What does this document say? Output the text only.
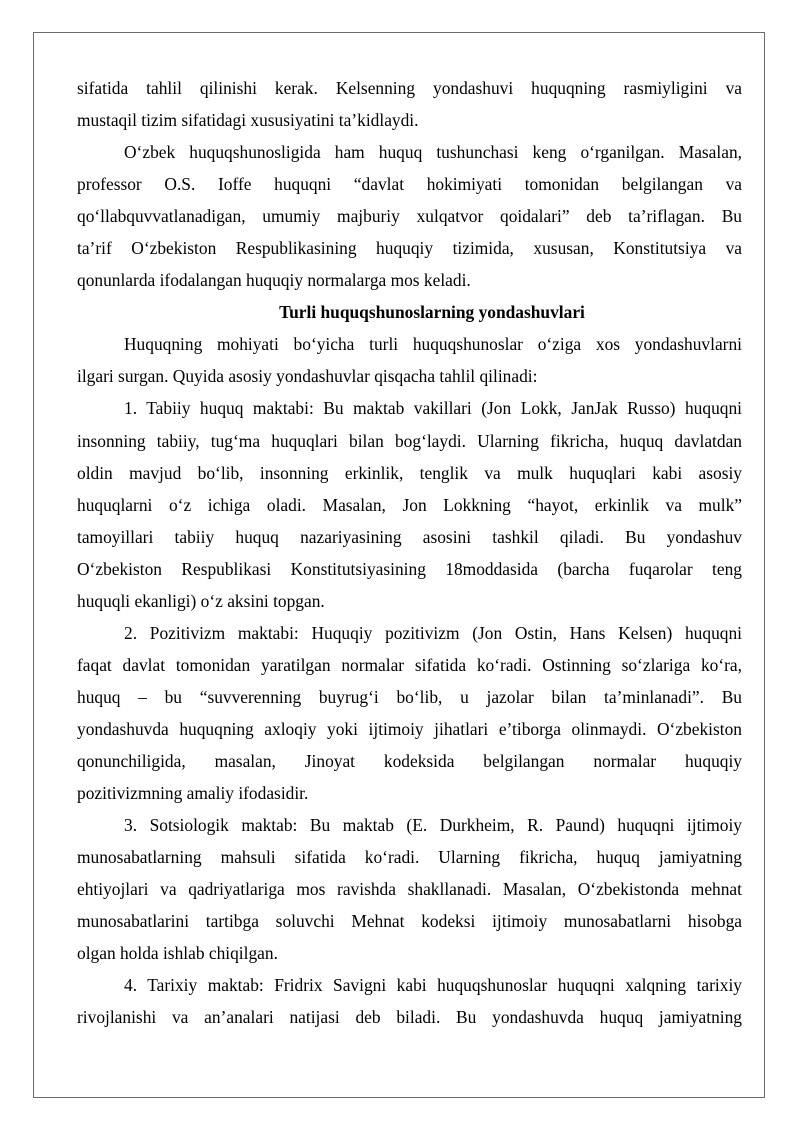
sifatida tahlil qilinishi kerak. Kelsenning yondashuvi huquqning rasmiyligini va

mustaqil tizim sifatidagi xususiyatini ta’kidlaydi.

O‘zbek huquqshunosligida ham huquq tushunchasi keng o‘rganilgan. Masalan,

professor O.S. Ioffe huquqni “davlat hokimiyati tomonidan belgilangan va

qo‘llabquvvatlanadigan, umumiy majburiy xulqatvor qoidalari” deb ta’riflagan. Bu

ta’rif O‘zbekiston Respublikasining huquqiy tizimida, xususan, Konstitutsiya va

qonunlarda ifodalangan huquqiy normalarga mos keladi.

Turli huquqshunoslarning yondashuvlari

Huquqning mohiyati bo‘yicha turli huquqshunoslar o‘ziga xos yondashuvlarni

ilgari surgan. Quyida asosiy yondashuvlar qisqacha tahlil qilinadi:

1. Tabiiy huquq maktabi: Bu maktab vakillari (Jon Lokk, JanJak Russo) huquqni

insonning tabiiy, tug‘ma huquqlari bilan bog‘laydi. Ularning fikricha, huquq davlatdan

oldin mavjud bo‘lib, insonning erkinlik, tenglik va mulk huquqlari kabi asosiy

huquqlarni o‘z ichiga oladi. Masalan, Jon Lokkning “hayot, erkinlik va mulk”

tamoyillari tabiiy huquq nazariyasining asosini tashkil qiladi. Bu yondashuv

O‘zbekiston Respublikasi Konstitutsiyasining 18moddasida (barcha fuqarolar teng

huquqli ekanligi) o‘z aksini topgan.

2. Pozitivizm maktabi: Huquqiy pozitivizm (Jon Ostin, Hans Kelsen) huquqni

faqat davlat tomonidan yaratilgan normalar sifatida ko‘radi. Ostinning so‘zlariga ko‘ra,

huquq – bu “suvverenning buyrug‘i bo‘lib, u jazolar bilan ta’minlanadi”. Bu

yondashuvda huquqning axloqiy yoki ijtimoiy jihatlari e’tiborga olinmaydi. O‘zbekiston

qonunchiligida, masalan, Jinoyat kodeksida belgilangan normalar huquqiy

pozitivizmning amaliy ifodasidir.

3. Sotsiologik maktab: Bu maktab (E. Durkheim, R. Paund) huquqni ijtimoiy

munosabatlarning mahsuli sifatida ko‘radi. Ularning fikricha, huquq jamiyatning

ehtiyojlari va qadriyatlariga mos ravishda shakllanadi. Masalan, O‘zbekistonda mehnat

munosabatlarini tartibga soluvchi Mehnat kodeksi ijtimoiy munosabatlarni hisobga

olgan holda ishlab chiqilgan.

4. Tarixiy maktab: Fridrix Savigni kabi huquqshunoslar huquqni xalqning tarixiy

rivojlanishi va an’analari natijasi deb biladi. Bu yondashuvda huquq jamiyatning
